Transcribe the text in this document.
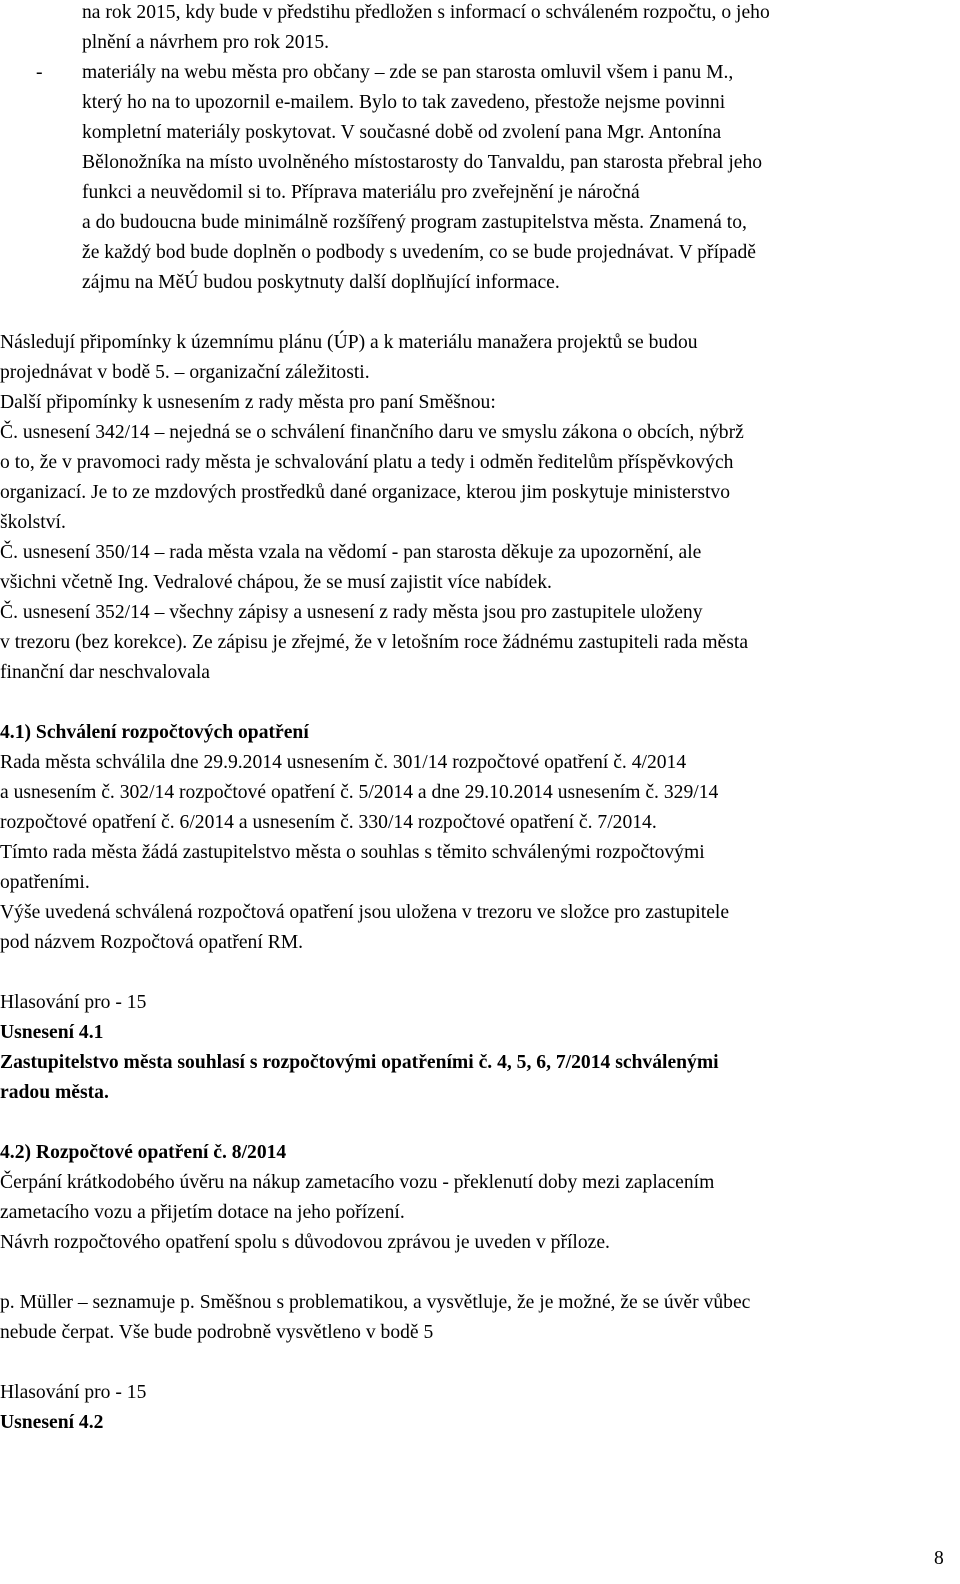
na rok 2015, kdy bude v předstihu předložen s informací o schváleném rozpočtu, o jeho
plnění a návrhem pro rok 2015.
- materiály na webu města pro občany – zde se pan starosta omluvil všem i panu M.,
který ho na to upozornil e-mailem. Bylo to tak zavedeno, přestože nejsme povinni
kompletní materiály poskytovat. V současné době od zvolení pana Mgr. Antonína
Bělonožníka na místo uvolněného místostarosty do Tanvaldu, pan starosta přebral jeho
funkci a neuvědomil si to. Příprava materiálu pro zveřejnění je náročná
a do budoucna bude minimálně rozšířený program zastupitelstva města. Znamená to,
že každý bod bude doplněn o podbody s uvedením, co se bude projednávat. V případě
zájmu na MěÚ budou poskytnuty další doplňující informace.
Následují připomínky k územnímu plánu (ÚP) a k materiálu manažera projektů se budou
projednávat v bodě 5. – organizační záležitosti.
Další připomínky k usnesením z rady města pro paní Směšnou:
Č. usnesení 342/14 – nejedná se o schválení finančního daru ve smyslu zákona o obcích, nýbrž
o to, že v pravomoci rady města je schvalování platu a tedy i odměn ředitelům příspěvkových
organizací. Je to ze mzdových prostředků dané organizace, kterou jim poskytuje ministerstvo
školství.
Č. usnesení 350/14 – rada města vzala na vědomí - pan starosta děkuje za upozornění, ale
všichni včetně Ing. Vedralové chápou, že se musí zajistit více nabídek.
Č. usnesení 352/14 – všechny zápisy a usnesení z rady města jsou pro zastupitele uloženy
v trezoru (bez korekce). Ze zápisu je zřejmé, že v letošním roce žádnému zastupiteli rada města
finanční dar neschvalovala
4.1) Schválení rozpočtových opatření
Rada města schválila dne 29.9.2014 usnesením č. 301/14 rozpočtové opatření č. 4/2014
a usnesením č. 302/14 rozpočtové opatření č. 5/2014 a dne 29.10.2014 usnesením č. 329/14
rozpočtové opatření č. 6/2014 a usnesením č. 330/14 rozpočtové opatření č. 7/2014.
Tímto rada města žádá zastupitelstvo města o souhlas s těmito schválenými rozpočtovými
opatřeními.
Výše uvedená schválená rozpočtová opatření jsou uložena v trezoru ve složce pro zastupitele
pod názvem Rozpočtová opatření RM.
Hlasování pro - 15
Usnesení 4.1
Zastupitelstvo města souhlasí s rozpočtovými opatřeními č. 4, 5, 6, 7/2014 schválenými
radou města.
4.2) Rozpočtové opatření č. 8/2014
Čerpání krátkodobého úvěru na nákup zametacího vozu - překlenutí doby mezi zaplacením
zametacího vozu a přijetím dotace na jeho pořízení.
Návrh rozpočtového opatření spolu s důvodovou zprávou je uveden v příloze.
p. Müller – seznamuje p. Směšnou s problematikou, a vysvětluje, že je možné, že se úvěr vůbec
nebude čerpat. Vše bude podrobně vysvětleno v bodě 5
Hlasování pro - 15
Usnesení 4.2
8
